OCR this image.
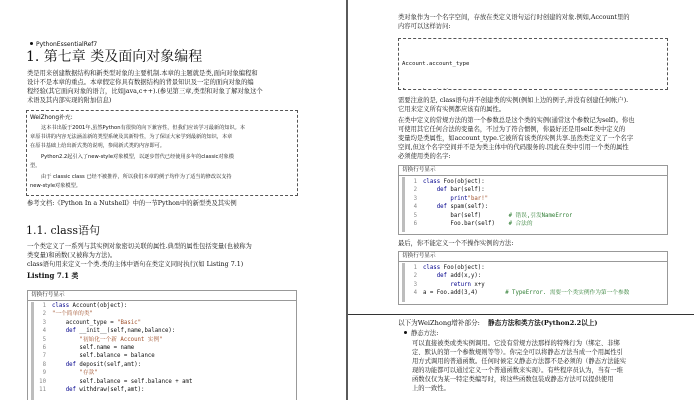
PythonEssentialRef7
1. 第七章 类及面向对象编程
类是用来创建数据结构和新类型对象的主要机制.本章的主题就是类,面向对象编程和
设计不是本章的重点。本章假定你具有数据结构的背景知识及一定的面向对象的编
程经验(其它面向对象的语言，比如java,c++).(参见第三章,类型和对象了解对象这个
术语及其内部实现的附加信息)
WeiZhong补充:
这本书出版于2001年,虽然Python有很快的向下兼容性，但我们应该学习最新的知识。本
章原书讲的内容无法涵盖新的类型系统及其新特性，为了保证大家学到最新的知识，本章
在原书基础上给出新式类的说明，参阅新式类的内容即可。
Python2.2起引入了new-style对象模型，以逐步替代已经使用多年的classic对象模
型。
由于 classic class 已经不被推荐，所以我们本章的例子均作为了适当的修改以支持
new-style对象模型。
参考文档:《Python In a Nutshell》中的一节Python中的新型类及其实例
1.1. class语句
一个类定义了一系列与其实例对象密切关联的属性.典型的属性包括变量(也被称为
类变量)和函数(又被称为方法)。
class语句用来定义一个类.类的主体中语句在类定义同时执行(如 Listing 7.1)
Listing 7.1 类
切换行号显示
1 class Account(object):
2 "一个简单的类"
3    account_type = "Basic"
4    def __init__(self,name,balance):
5        "初始化一个新 Account 实例"
6        self.name = name
7        self.balance = balance
8    def deposit(self,amt):
9        "存款"
10        self.balance = self.balance + amt
11    def withdraw(self,amt):
类对象作为一个名字空间，存放在类定义语句运行时创建的对象.例如,Account里的
内容可以这样访问:

Account.account_type

需要注意的是, class语句并不创建类的实例(例如上边的例子,并没有创建任何帐户).
它用来定义所有实例都应该有的属性。
在类中定义的常规方法的第一个参数总是这个类的实例(通常这个参数记为self)。你也
可使用其它任何合法的变量名，不过为了符合惯例，你最好还是用self.类中定义的
变量均是类属性，如account_type.它被所有该类的实例共享.虽然类定义了一个名字
空间,但这个名字空间并不是为类主体中的代码服务的.因此在类中引用一个类的属性
必须使用类的名字:
切换行号显示
1 class Foo(object):
2    def bar(self):
3        print"bar!"
4    def spam(self):
5        bar(self)        # 错误,引发NameError
6        Foo.bar(self)    # 合法的
最后，你不能定义一个不操作实例的方法:
切换行号显示
1 class Foo(object):
2    def add(x,y):
3        return x+y
4 a = Foo.add(3,4)        # TypeError. 需要一个类实例作为第一个参数
以下为WeiZhong增补部分: 静态方法和类方法(Python2.2以上)
静态方法:
可以直接被类或类实例调用。它没有常规方法那样的特殊行为（绑定、非绑
定、默认的第一个参数规则等等）。你完全可以将静态方法当成一个用属性引
用方式调用的普通函数。任何时候定义静态方法都不是必须的（静态方法能实
现的功能都可以通过定义一个普通函数来实现）。有些程序员认为，当有一堆
函数仅仅为某一特定类编写时，将这些函数包装成静态方法可以提供使用
上的一致性。
